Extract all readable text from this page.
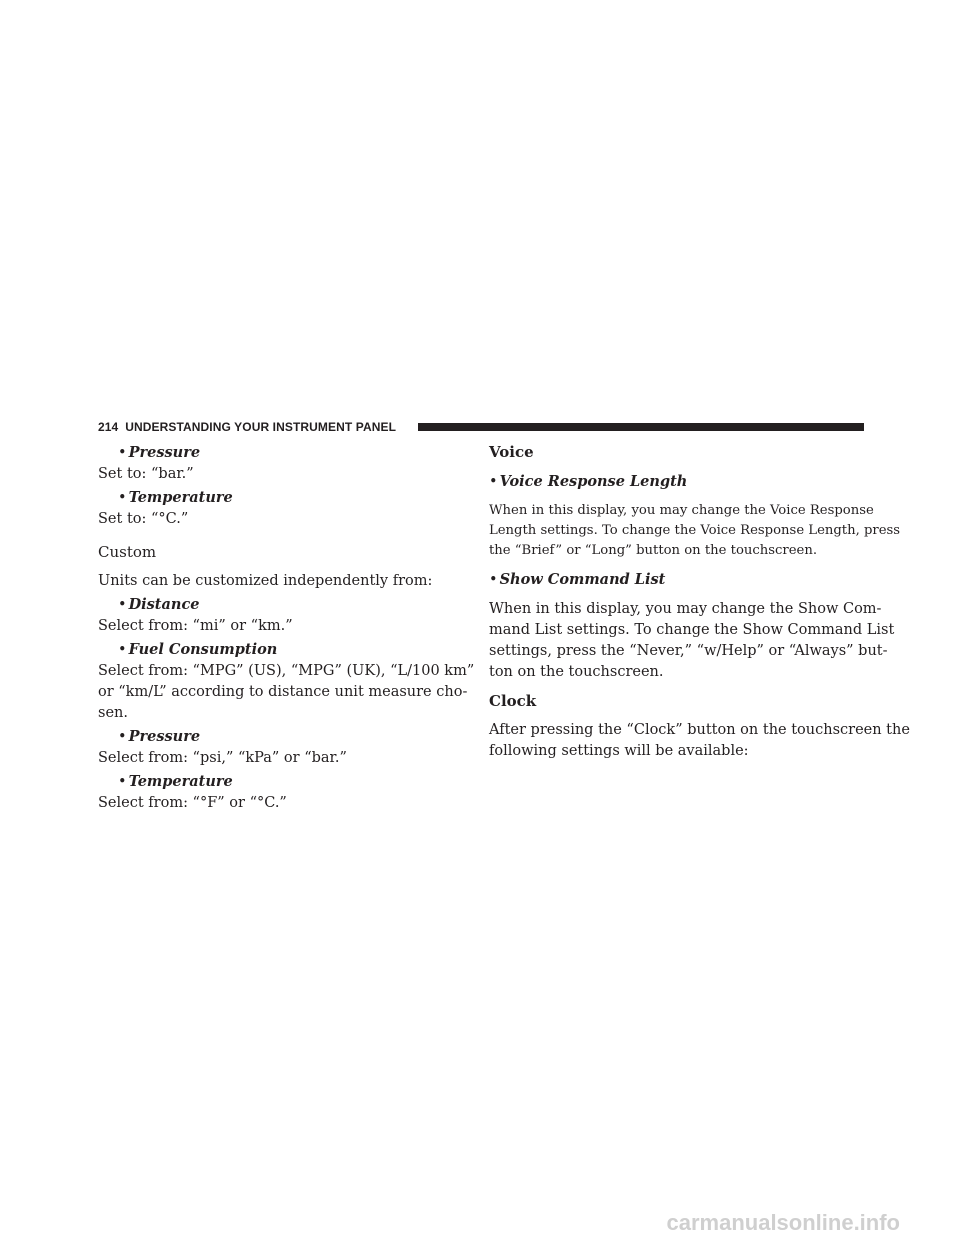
214 UNDERSTANDING YOUR INSTRUMENT PANEL
• Pressure
Set to: “bar.”
• Temperature
Set to: “°C.”
Custom
Units can be customized independently from:
• Distance
Select from: “mi” or “km.”
• Fuel Consumption
Select from: “MPG” (US), “MPG” (UK), “L/100 km”
or “km/L” according to distance unit measure cho-
sen.
• Pressure
Select from: “psi,” “kPa” or “bar.”
• Temperature
Select from: “°F” or “°C.”
Voice
• Voice Response Length
When in this display, you may change the Voice Response
Length settings. To change the Voice Response Length, press
the “Brief” or “Long” button on the touchscreen.
• Show Command List
When in this display, you may change the Show Com-
mand List settings. To change the Show Command List
settings, press the “Never,” “w/Help” or “Always” but-
ton on the touchscreen.
Clock
After pressing the “Clock” button on the touchscreen the
following settings will be available:
carmanualsonline.info
